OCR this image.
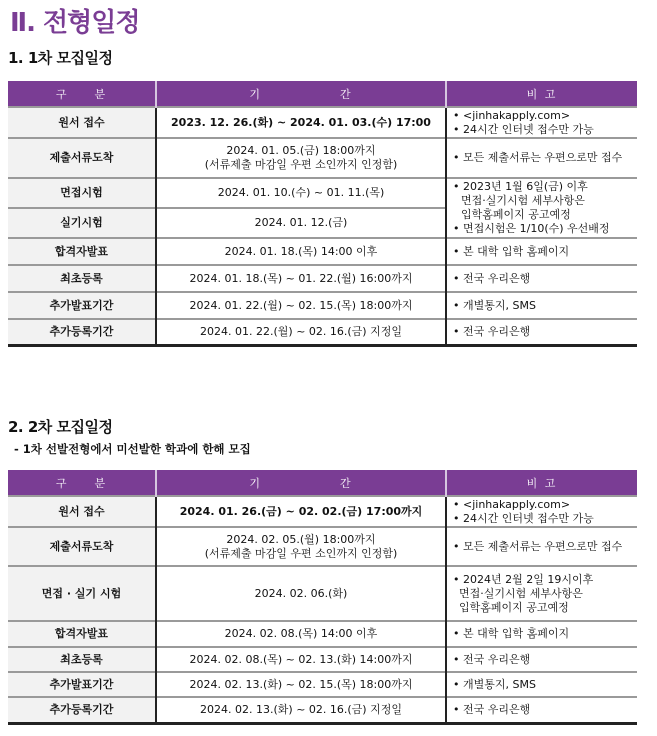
Ⅱ. 전형일정
1. 1차 모집일정
구　　분	기　　　　　　간	비 고
원서 접수	2023. 12. 26.(화) ~ 2024. 01. 03.(수) 17:00	• <jinhakapply.com>
• 24시간 인터넷 접수만 가능

제출서류도착	2024. 01. 05.(금) 18:00까지
(서류제출 마감일 우편 소인까지 인정함)	• 모든 제출서류는 우편으로만 접수

면접시험	2024. 01. 10.(수) ~ 01. 11.(목)	• 2023년 1월 6일(금) 이후
면접·실기시험 세부사항은
입학홈페이지 공고예정
• 면접시험은 1/10(수) 우선배정

실기시험	2024. 01. 12.(금)	
합격자발표	2024. 01. 18.(목) 14:00 이후	• 본 대학 입학 홈페이지
최초등록	2024. 01. 18.(목) ~ 01. 22.(월) 16:00까지	• 전국 우리은행
추가발표기간	2024. 01. 22.(월) ~ 02. 15.(목) 18:00까지	• 개별통지, SMS
추가등록기간	2024. 01. 22.(월) ~ 02. 16.(금) 지정일	• 전국 우리은행
2. 2차 모집일정
- 1차 선발전형에서 미선발한 학과에 한해 모집
구　　분	기　　　　　　간	비 고
원서 접수	2024. 01. 26.(금) ~ 02. 02.(금) 17:00까지	• <jinhakapply.com>
• 24시간 인터넷 접수만 가능

제출서류도착	2024. 02. 05.(월) 18:00까지
(서류제출 마감일 우편 소인까지 인정함)	• 모든 제출서류는 우편으로만 접수

면접 · 실기 시험	2024. 02. 06.(화)	• 2024년 2월 2일 19시이후
면접·실기시험 세부사항은
입학홈페이지 공고예정

합격자발표	2024. 02. 08.(목) 14:00 이후	• 본 대학 입학 홈페이지
최초등록	2024. 02. 08.(목) ~ 02. 13.(화) 14:00까지	• 전국 우리은행
추가발표기간	2024. 02. 13.(화) ~ 02. 15.(목) 18:00까지	• 개별통지, SMS
추가등록기간	2024. 02. 13.(화) ~ 02. 16.(금) 지정일	• 전국 우리은행
